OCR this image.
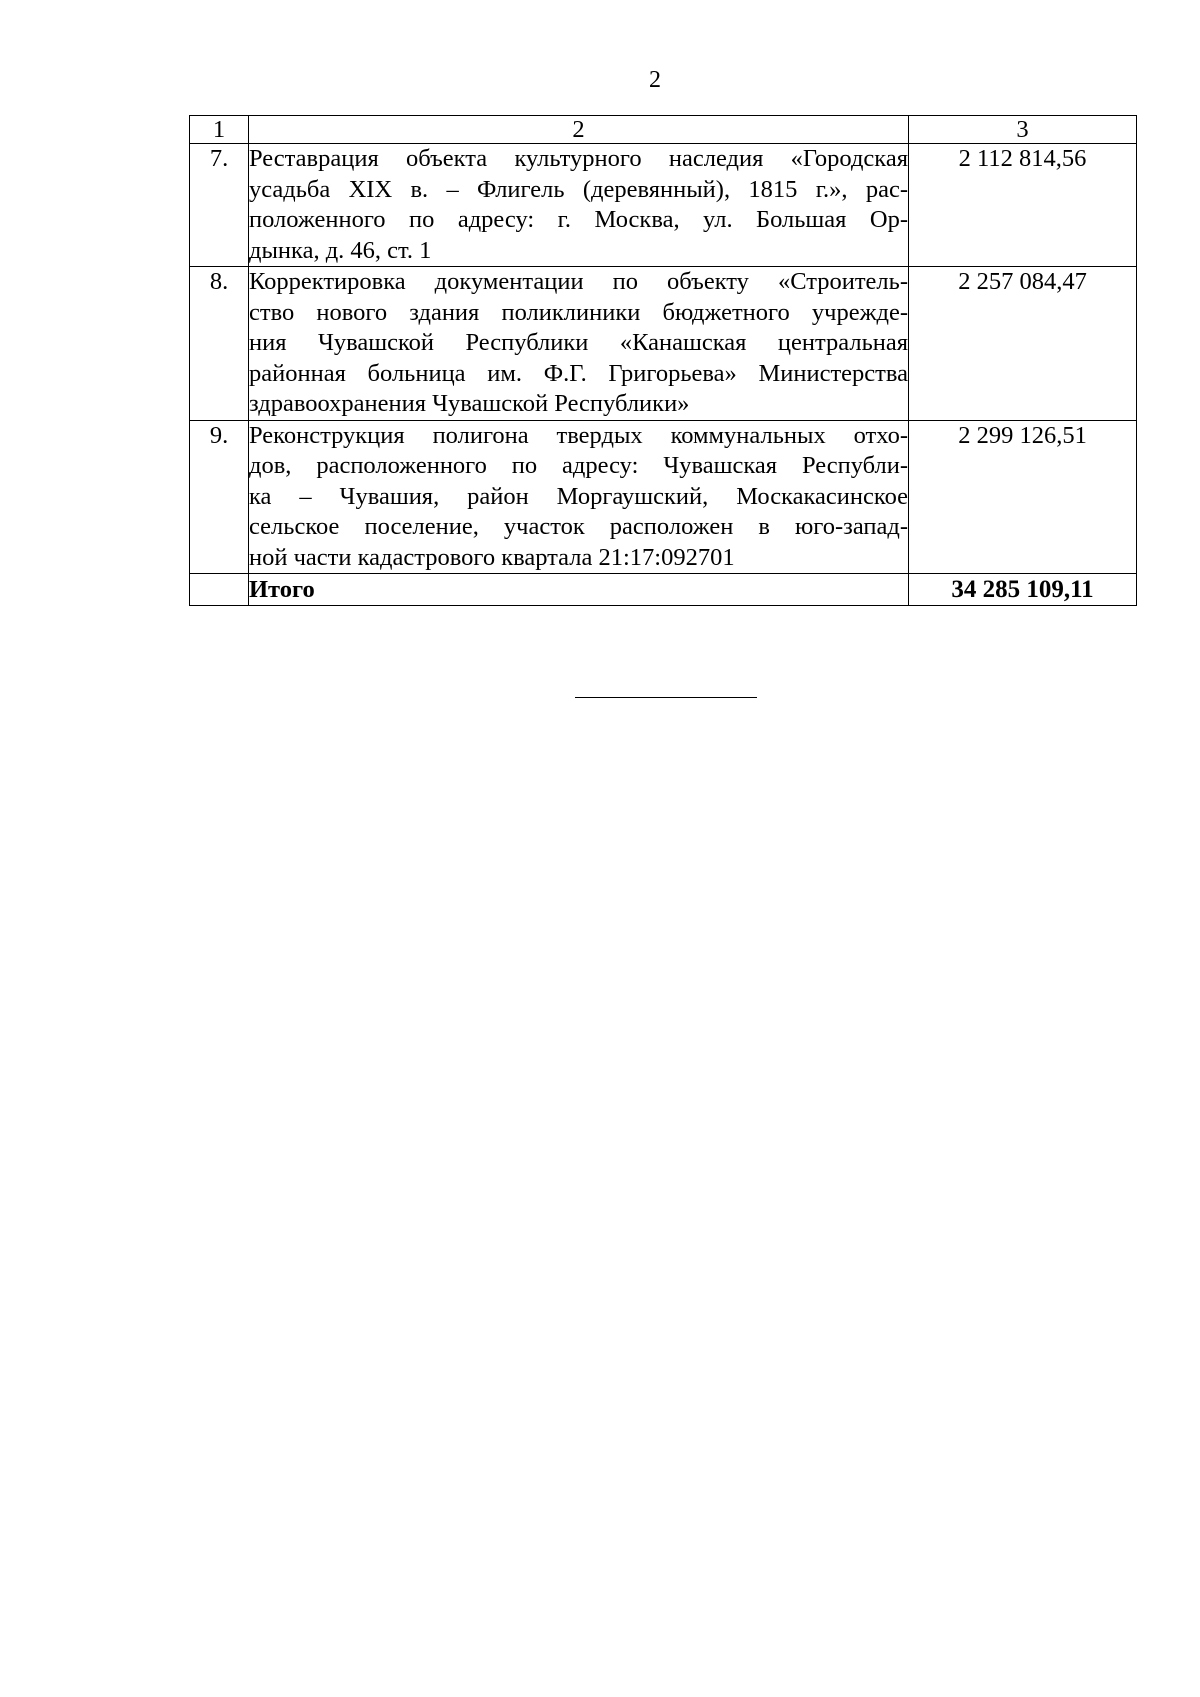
2
1	2	3
7.	Реставрация объекта культурного наследия «Городская
усадьба XIX в. – Флигель (деревянный), 1815 г.», рас-
положенного по адресу: г. Москва, ул. Большая Ор-
дынка, д. 46, ст. 1	2 112 814,56
8.	Корректировка документации по объекту «Строитель-
ство нового здания поликлиники бюджетного учрежде-
ния Чувашской Республики «Канашская центральная
районная больница им. Ф.Г. Григорьева» Министерства
здравоохранения Чувашской Республики»	2 257 084,47
9.	Реконструкция полигона твердых коммунальных отхо-
дов, расположенного по адресу: Чувашская Республи-
ка – Чувашия, район Моргаушский, Москакасинское
сельское поселение, участок расположен в юго-запад-
ной части кадастрового квартала 21:17:092701	2 299 126,51
	Итого	34 285 109,11
